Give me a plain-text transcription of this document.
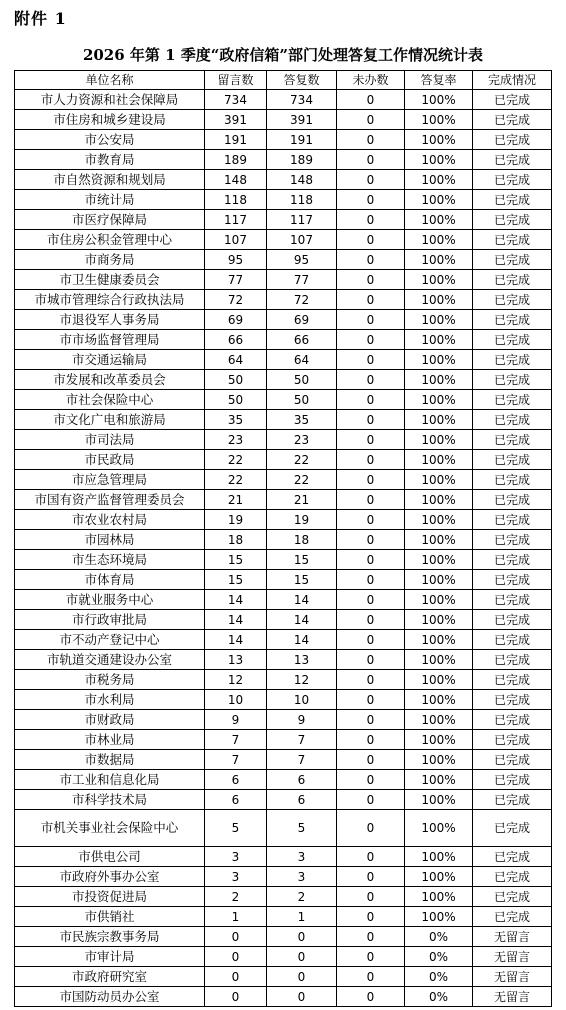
附件 1
2026 年第 1 季度“政府信箱”部门处理答复工作情况统计表
单位名称	留言数	答复数	未办数	答复率	完成情况
市人力资源和社会保障局	734	734	0	100%	已完成
市住房和城乡建设局	391	391	0	100%	已完成
市公安局	191	191	0	100%	已完成
市教育局	189	189	0	100%	已完成
市自然资源和规划局	148	148	0	100%	已完成
市统计局	118	118	0	100%	已完成
市医疗保障局	117	117	0	100%	已完成
市住房公积金管理中心	107	107	0	100%	已完成
市商务局	95	95	0	100%	已完成
市卫生健康委员会	77	77	0	100%	已完成
市城市管理综合行政执法局	72	72	0	100%	已完成
市退役军人事务局	69	69	0	100%	已完成
市市场监督管理局	66	66	0	100%	已完成
市交通运输局	64	64	0	100%	已完成
市发展和改革委员会	50	50	0	100%	已完成
市社会保险中心	50	50	0	100%	已完成
市文化广电和旅游局	35	35	0	100%	已完成
市司法局	23	23	0	100%	已完成
市民政局	22	22	0	100%	已完成
市应急管理局	22	22	0	100%	已完成
市国有资产监督管理委员会	21	21	0	100%	已完成
市农业农村局	19	19	0	100%	已完成
市园林局	18	18	0	100%	已完成
市生态环境局	15	15	0	100%	已完成
市体育局	15	15	0	100%	已完成
市就业服务中心	14	14	0	100%	已完成
市行政审批局	14	14	0	100%	已完成
市不动产登记中心	14	14	0	100%	已完成
市轨道交通建设办公室	13	13	0	100%	已完成
市税务局	12	12	0	100%	已完成
市水利局	10	10	0	100%	已完成
市财政局	9	9	0	100%	已完成
市林业局	7	7	0	100%	已完成
市数据局	7	7	0	100%	已完成
市工业和信息化局	6	6	0	100%	已完成
市科学技术局	6	6	0	100%	已完成
市机关事业社会保险中心	5	5	0	100%	已完成
市供电公司	3	3	0	100%	已完成
市政府外事办公室	3	3	0	100%	已完成
市投资促进局	2	2	0	100%	已完成
市供销社	1	1	0	100%	已完成
市民族宗教事务局	0	0	0	0%	无留言
市审计局	0	0	0	0%	无留言
市政府研究室	0	0	0	0%	无留言
市国防动员办公室	0	0	0	0%	无留言
